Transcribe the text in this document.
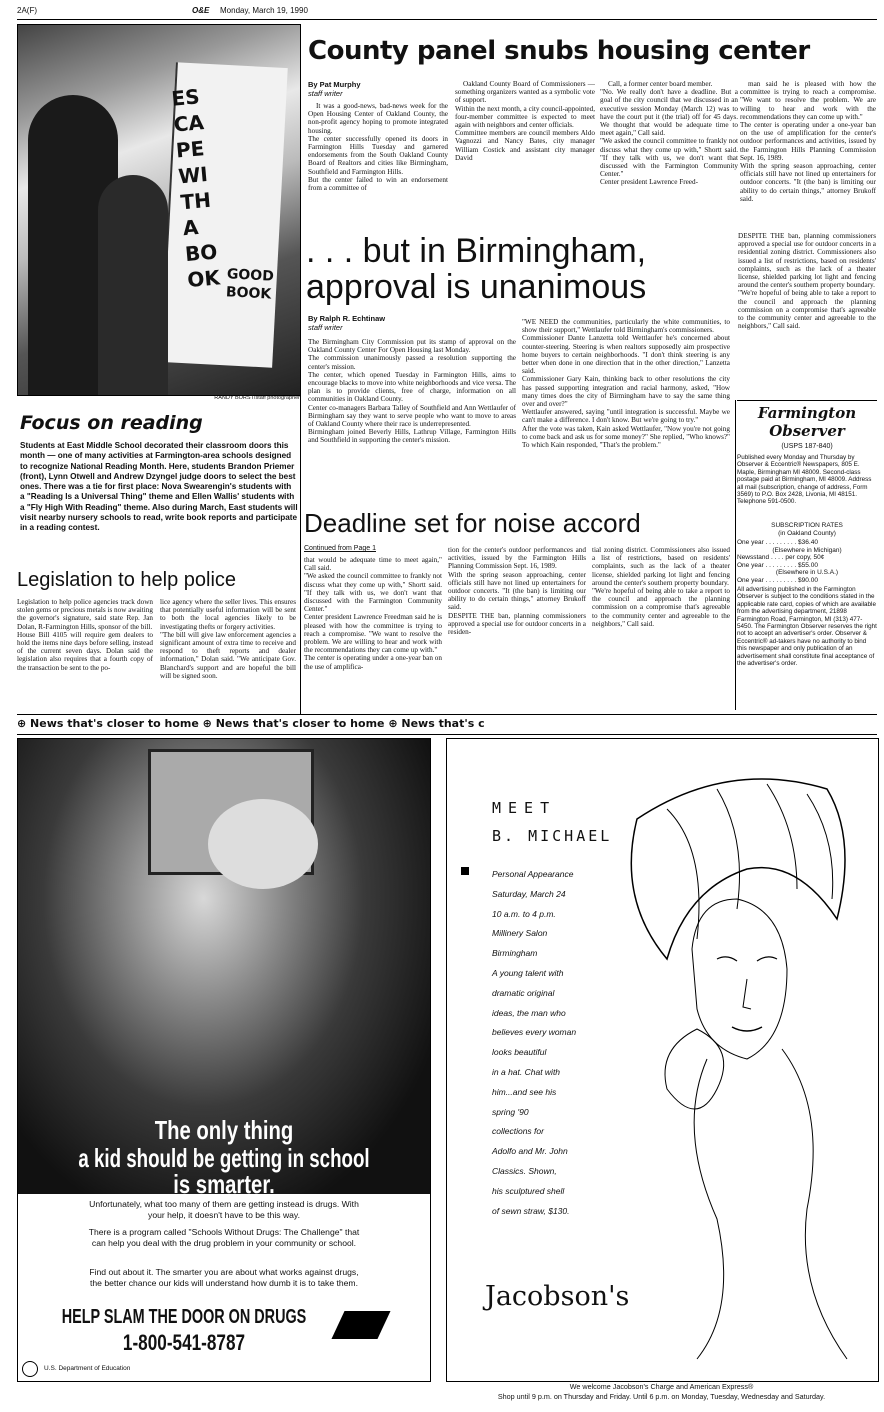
2A(F)	O&E Monday, March 19, 1990
ESCAPE WITH A BOOK GOOD BOOK
RANDY BORST/staff photographer
Focus on reading
Students at East Middle School decorated their classroom doors this month — one of many activities at Farmington-area schools designed to recognize National Reading Month. Here, students Brandon Priemer (front), Lynn Otwell and Andrew Dzyngel judge doors to select the best ones. There was a tie for first place: Nova Swearengin's students with a "Reading Is a Universal Thing" theme and Ellen Wallis' students with a "Fly High With Reading" theme. Also during March, East students will visit nearby nursery schools to read, write book reports and participate in a reading contest.
County panel snubs housing center
By Pat Murphy
staff writer
It was a good-news, bad-news week for the Open Housing Center of Oakland County, the non-profit agency hoping to promote integrated housing.
The center successfully opened its doors in Farmington Hills Tuesday and garnered endorsements from the South Oakland County Board of Realtors and cities like Birmingham, Southfield and Farmington Hills.
But the center failed to win an endorsement from a committee of
Oakland County Board of Commissioners — something organizers wanted as a symbolic vote of support.
Within the next month, a city council-appointed, four-member committee is expected to meet again with neighbors and center officials.
Committee members are council members Aldo Vagnozzi and Nancy Bates, city manager William Costick and assistant city manager David
Call, a former center board member.
"No. We really don't have a deadline. But a goal of the city council that we discussed in an executive session Monday (March 12) was to have the court put it (the trial) off for 45 days. We thought that would be adequate time to meet again," Call said.
"We asked the council committee to frankly not discuss what they come up with," Shortt said. "If they talk with us, we don't want that discussed with the Farmington Community Center."
Center president Lawrence Freed-
man said he is pleased with how the committee is trying to reach a compromise. "We want to resolve the problem. We are willing to hear and work with the recommendations they can come up with."
The center is operating under a one-year ban on the use of amplification for the center's outdoor performances and activities, issued by the Farmington Hills Planning Commission Sept. 16, 1989.
With the spring season approaching, center officials still have not lined up entertainers for outdoor concerts. "It (the ban) is limiting our ability to do certain things," attorney Brukoff said.
. . . but in Birmingham,
approval is unanimous
By Ralph R. Echtinaw
staff writer
The Birmingham City Commission put its stamp of approval on the Oakland County Center For Open Housing last Monday.
The commission unanimously passed a resolution supporting the center's mission.
The center, which opened Tuesday in Farmington Hills, aims to encourage blacks to move into white neighborhoods and vice versa. The plan is to provide clients, free of charge, information on all communities in Oakland County.
Center co-managers Barbara Talley of Southfield and Ann Wettlaufer of Birmingham say they want to serve people who want to move to areas of Oakland County where their race is underrepresented.
Birmingham joined Beverly Hills, Lathrup Village, Farmington Hills and Southfield in supporting the center's mission.
"WE NEED the communities, particularly the white communities, to show their support," Wettlaufer told Birmingham's commissioners.
Commissioner Dante Lanzetta told Wettlaufer he's concerned about counter-steering. Steering is when realtors supposedly aim prospective home buyers to certain neighborhoods. "I don't think steering is any better when done in one direction that in the other direction," Lanzetta said.
Commissioner Gary Kain, thinking back to other resolutions the city has passed supporting integration and racial harmony, asked, "How many times does the city of Birmingham have to say the same thing over and over?"
Wettlaufer answered, saying "until integration is successful. Maybe we can't make a difference. I don't know. But we're going to try."
After the vote was taken, Kain asked Wettlaufer, "Now you're not going to come back and ask us for some money?" She replied, "Who knows?" To which Kain responded, "That's the problem."
DESPITE THE ban, planning commissioners approved a special use for outdoor concerts in a residential zoning district. Commissioners also issued a list of restrictions, based on residents' complaints, such as the lack of a theater license, shielded parking lot light and fencing around the center's southern property boundary.
"We're hopeful of being able to take a report to the council and approach the planning commission on a compromise that's agreeable to the community center and agreeable to the neighbors," Call said.
Farmington
Observer
(USPS 187-840)
Published every Monday and Thursday by Observer & Eccentric® Newspapers, 805 E. Maple, Birmingham MI 48009. Second-class postage paid at Birmingham, MI 48009. Address all mail (subscription, change of address, Form 3569) to P.O. Box 2428, Livonia, MI 48151. Telephone 591-0500.
SUBSCRIPTION RATES
(in Oakland County)
One year . . . . . . . . . $36.40
(Elsewhere in Michigan)
Newsstand . . . . per copy, 50¢
One year . . . . . . . . . $55.00
(Elsewhere in U.S.A.)
One year . . . . . . . . . $90.00
All advertising published in the Farmington Observer is subject to the conditions stated in the applicable rate card, copies of which are available from the advertising department, 21898 Farmington Road, Farmington, MI (313) 477-5450. The Farmington Observer reserves the right not to accept an advertiser's order. Observer & Eccentric® ad-takers have no authority to bind this newspaper and only publication of an advertisement shall constitute final acceptance of the advertiser's order.
Deadline set for noise accord
Continued from Page 1
that would be adequate time to meet again," Call said.
"We asked the council committee to frankly not discuss what they come up with," Shortt said. "If they talk with us, we don't want that discussed with the Farmington Community Center."
Center president Lawrence Freedman said he is pleased with how the committee is trying to reach a compromise. "We want to resolve the problem. We are willing to hear and work with the recommendations they can come up with."
The center is operating under a one-year ban on the use of amplifica-
tion for the center's outdoor performances and activities, issued by the Farmington Hills Planning Commission Sept. 16, 1989.
With the spring season approaching, center officials still have not lined up entertainers for outdoor concerts. "It (the ban) is limiting our ability to do certain things," attorney Brukoff said.
DESPITE THE ban, planning commissioners approved a special use for outdoor concerts in a residen-
tial zoning district. Commissioners also issued a list of restrictions, based on residents' complaints, such as the lack of a theater license, shielded parking lot light and fencing around the center's southern property boundary.
"We're hopeful of being able to take a report to the council and approach the planning commission on a compromise that's agreeable to the community center and agreeable to the neighbors," Call said.
Legislation to help police
Legislation to help police agencies track down stolen gems or precious metals is now awaiting the governor's signature, said state Rep. Jan Dolan, R-Farmington Hills, sponsor of the bill.
House Bill 4105 will require gem dealers to hold the items nine days before selling, instead of the current seven days. Dolan said the legislation also requires that a fourth copy of the transaction be sent to the po-
lice agency where the seller lives. This ensures that potentially useful information will be sent to both the local agencies likely to be investigating thefts or forgery activities.
"The bill will give law enforcement agencies a significant amount of extra time to receive and respond to theft reports and dealer information," Dolan said. "We anticipate Gov. Blanchard's support and are hopeful the bill will be signed soon.
⊕ News that's closer to home ⊕ News that's closer to home ⊕ News that's c
The only thing
a kid should be getting in school
is smarter.
Unfortunately, what too many of them are getting instead is drugs. With your help, it doesn't have to be this way.
There is a program called "Schools Without Drugs: The Challenge" that can help you deal with the drug problem in your community or school.
Find out about it. The smarter you are about what works against drugs, the better chance our kids will understand how dumb it is to take them.
HELP SLAM THE DOOR ON DRUGS
1-800-541-8787
U.S. Department of Education
MEET
B. MICHAEL
Personal Appearance
Saturday, March 24
10 a.m. to 4 p.m.
Millinery Salon
Birmingham
A young talent with
dramatic original
ideas, the man who
believes every woman
looks beautiful
in a hat. Chat with
him...and see his
spring '90
collections for
Adolfo and Mr. John
Classics. Shown,
his sculptured shell
of sewn straw, $130.
Jacobson's
We welcome Jacobson's Charge and American Express®
Shop until 9 p.m. on Thursday and Friday. Until 6 p.m. on Monday, Tuesday, Wednesday and Saturday.
